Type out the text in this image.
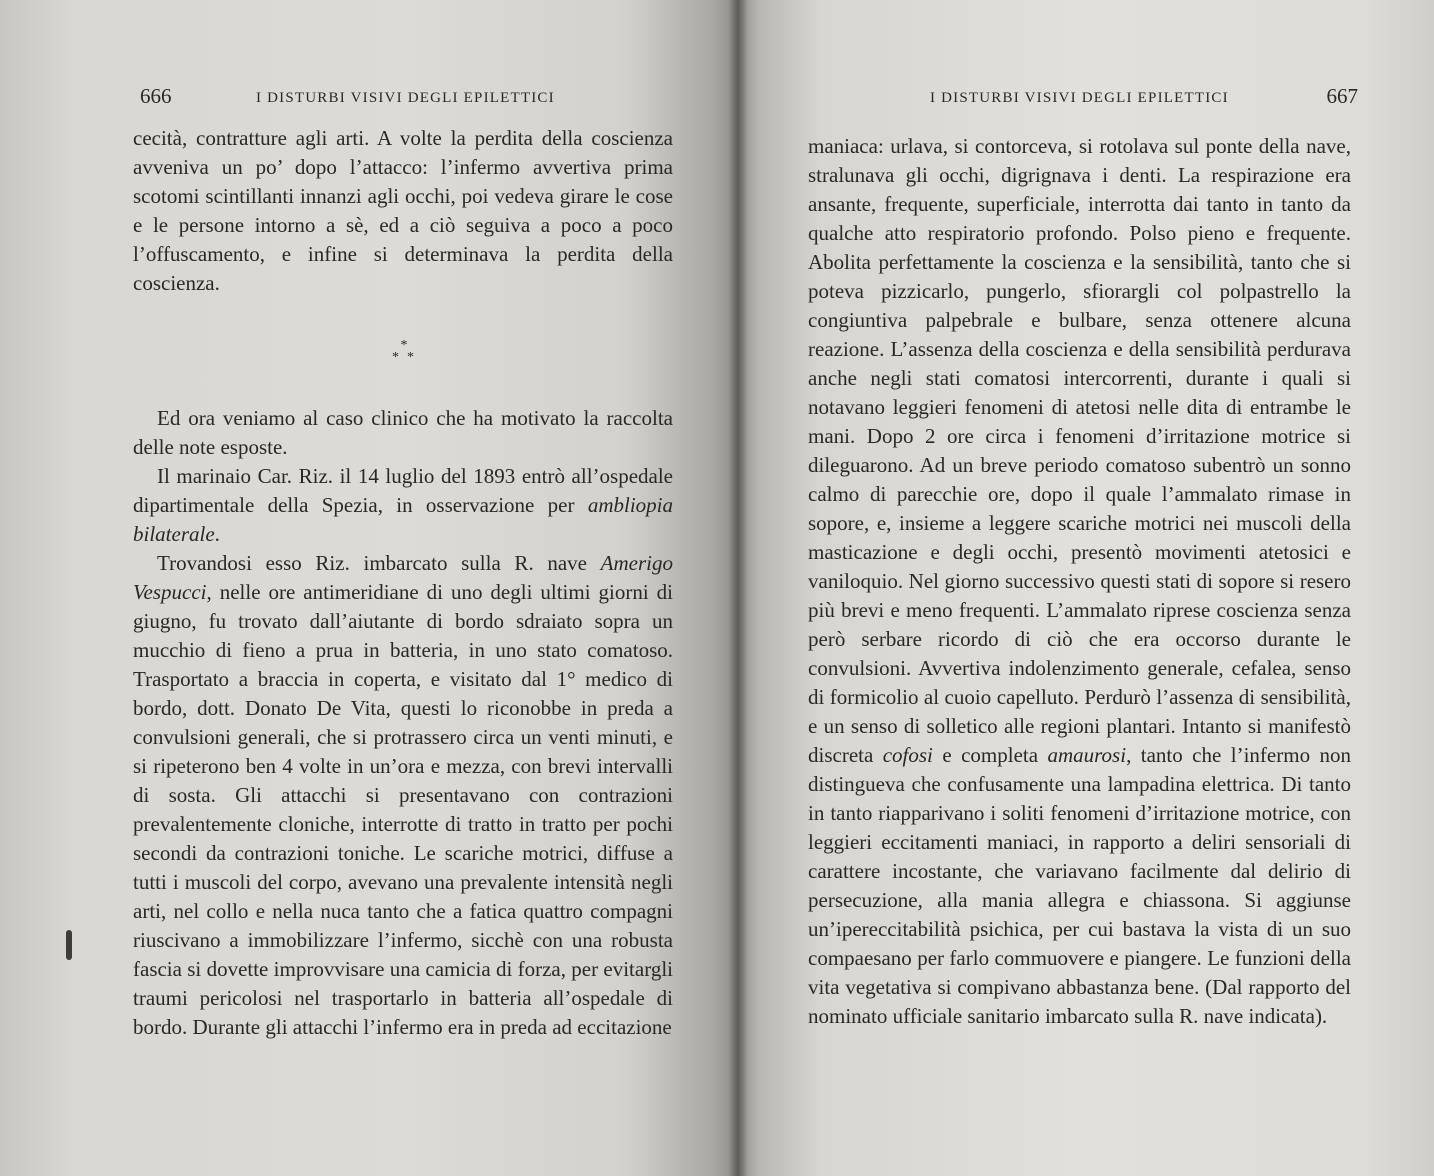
666	I DISTURBI VISIVI DEGLI EPILETTICI

cecità, contratture agli arti. A volte la perdita della coscienza avveniva un po’ dopo l’attacco: l’infermo avvertiva prima scotomi scintillanti innanzi agli occhi, poi vedeva girare le cose e le persone intorno a sè, ed a ciò seguiva a poco a poco l’offuscamento, e infine si determinava la perdita della coscienza.

*
**

Ed ora veniamo al caso clinico che ha motivato la raccolta delle note esposte.

Il marinaio Car. Riz. il 14 luglio del 1893 entrò all’ospedale dipartimentale della Spezia, in osservazione per ambliopia bilaterale.

Trovandosi esso Riz. imbarcato sulla R. nave Amerigo Vespucci, nelle ore antimeridiane di uno degli ultimi giorni di giugno, fu trovato dall’aiutante di bordo sdraiato sopra un mucchio di fieno a prua in batteria, in uno stato comatoso. Trasportato a braccia in coperta, e visitato dal 1° medico di bordo, dott. Donato De Vita, questi lo riconobbe in preda a convulsioni generali, che si protrassero circa un venti minuti, e si ripeterono ben 4 volte in un’ora e mezza, con brevi intervalli di sosta. Gli attacchi si presentavano con contrazioni prevalentemente cloniche, interrotte di tratto in tratto per pochi secondi da contrazioni toniche. Le scariche motrici, diffuse a tutti i muscoli del corpo, avevano una prevalente intensità negli arti, nel collo e nella nuca tanto che a fatica quattro compagni riuscivano a immobilizzare l’infermo, sicchè con una robusta fascia si dovette improvvisare una camicia di forza, per evitargli traumi pericolosi nel trasportarlo in batteria all’ospedale di bordo. Durante gli attacchi l’infermo era in preda ad eccitazione

I DISTURBI VISIVI DEGLI EPILETTICI	667

maniaca: urlava, si contorceva, si rotolava sul ponte della nave, stralunava gli occhi, digrignava i denti. La respirazione era ansante, frequente, superficiale, interrotta dai tanto in tanto da qualche atto respiratorio profondo. Polso pieno e frequente. Abolita perfettamente la coscienza e la sensibilità, tanto che si poteva pizzicarlo, pungerlo, sfiorargli col polpastrello la congiuntiva palpebrale e bulbare, senza ottenere alcuna reazione. L’assenza della coscienza e della sensibilità perdurava anche negli stati comatosi intercorrenti, durante i quali si notavano leggieri fenomeni di atetosi nelle dita di entrambe le mani. Dopo 2 ore circa i fenomeni d’irritazione motrice si dileguarono. Ad un breve periodo comatoso subentrò un sonno calmo di parecchie ore, dopo il quale l’ammalato rimase in sopore, e, insieme a leggere scariche motrici nei muscoli della masticazione e degli occhi, presentò movimenti atetosici e vaniloquio. Nel giorno successivo questi stati di sopore si resero più brevi e meno frequenti. L’ammalato riprese coscienza senza però serbare ricordo di ciò che era occorso durante le convulsioni. Avvertiva indolenzimento generale, cefalea, senso di formicolio al cuoio capelluto. Perdurò l’assenza di sensibilità, e un senso di solletico alle regioni plantari. Intanto si manifestò discreta cofosi e completa amaurosi, tanto che l’infermo non distingueva che confusamente una lampadina elettrica. Di tanto in tanto riapparivano i soliti fenomeni d’irritazione motrice, con leggieri eccitamenti maniaci, in rapporto a deliri sensoriali di carattere incostante, che variavano facilmente dal delirio di persecuzione, alla mania allegra e chiassona. Si aggiunse un’ipereccitabilità psichica, per cui bastava la vista di un suo compaesano per farlo commuovere e piangere. Le funzioni della vita vegetativa si compivano abbastanza bene. (Dal rapporto del nominato ufficiale sanitario imbarcato sulla R. nave indicata).
